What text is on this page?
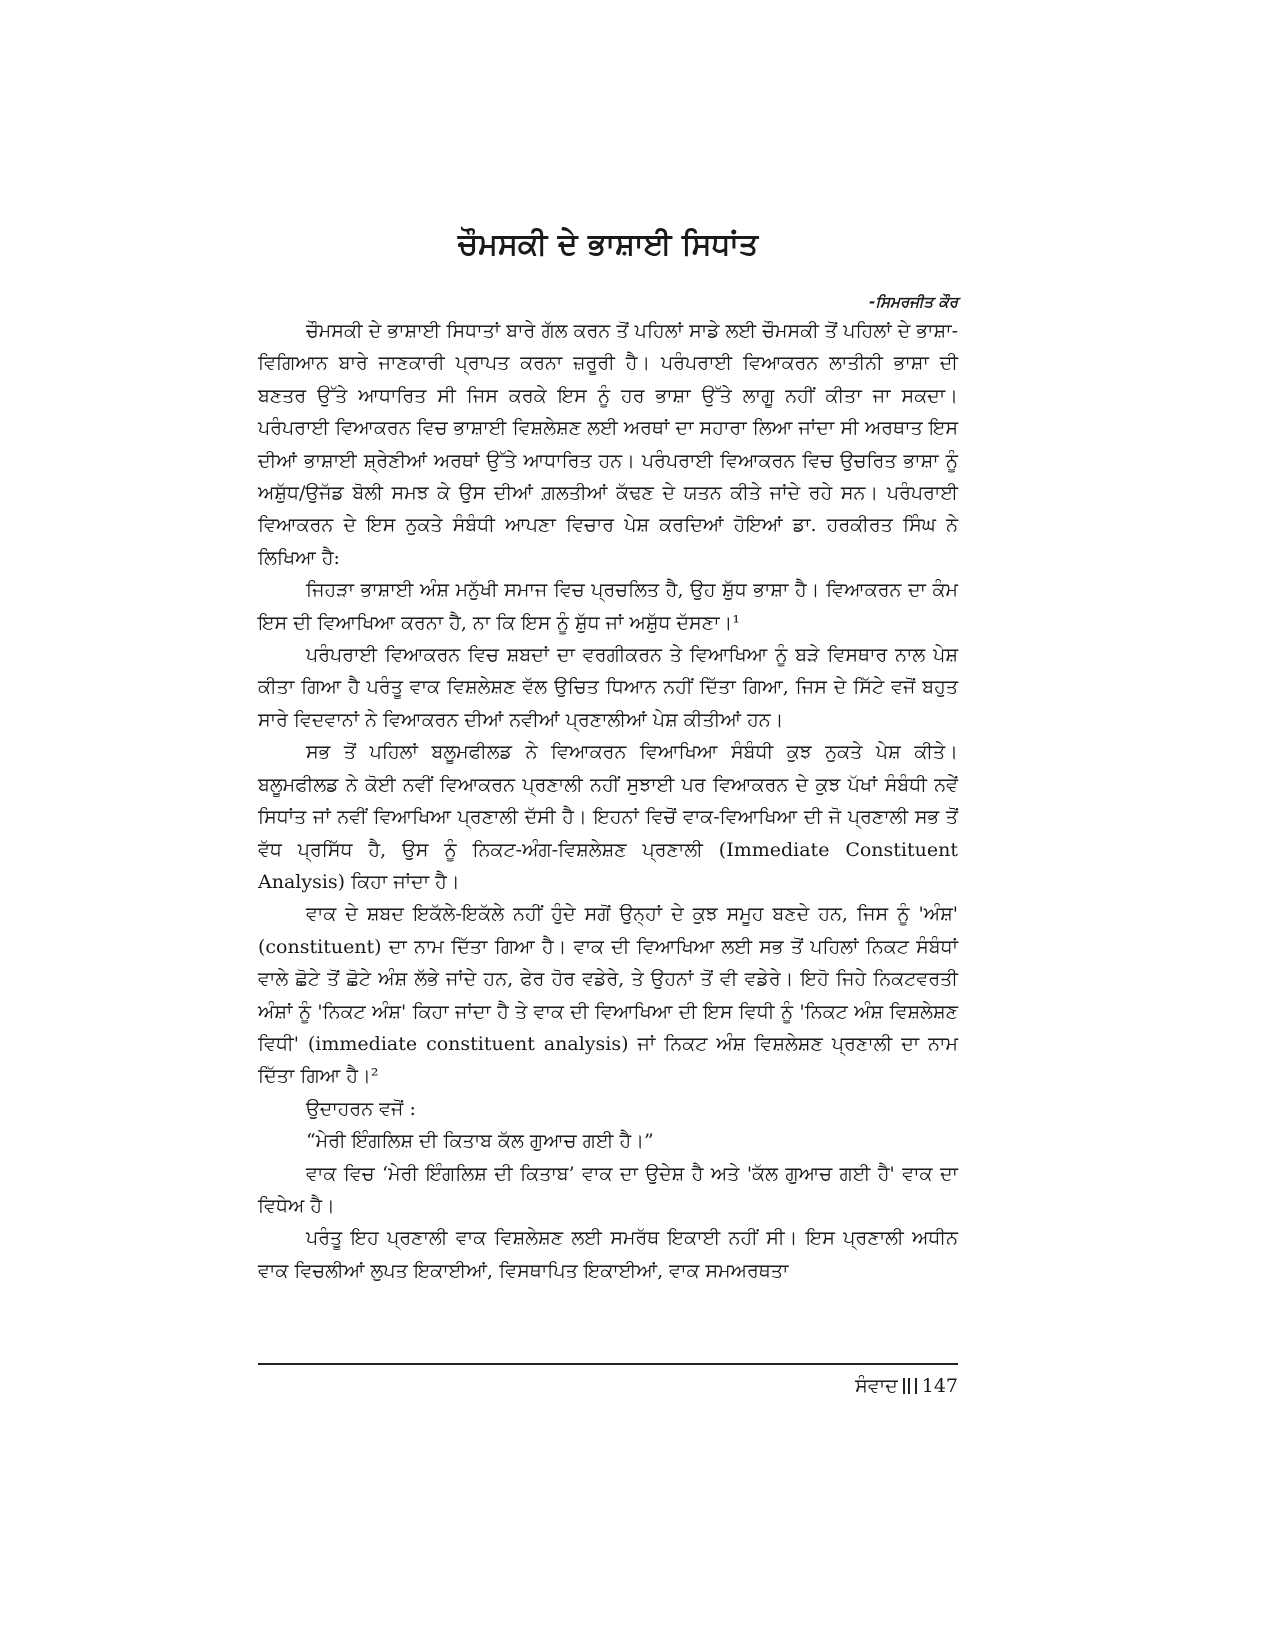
ਚੌਮਸਕੀ ਦੇ ਭਾਸ਼ਾਈ ਸਿਧਾਂਤ
-ਸਿਮਰਜੀਤ ਕੌਰ

ਚੌਮਸਕੀ ਦੇ ਭਾਸ਼ਾਈ ਸਿਧਾਤਾਂ ਬਾਰੇ ਗੱਲ ਕਰਨ ਤੋਂ ਪਹਿਲਾਂ ਸਾਡੇ ਲਈ ਚੌਮਸਕੀ ਤੋਂ ਪਹਿਲਾਂ ਦੇ ਭਾਸ਼ਾ-ਵਿਗਿਆਨ ਬਾਰੇ ਜਾਣਕਾਰੀ ਪ੍ਰਾਪਤ ਕਰਨਾ ਜ਼ਰੂਰੀ ਹੈ। ਪਰੰਪਰਾਈ ਵਿਆਕਰਨ ਲਾਤੀਨੀ ਭਾਸ਼ਾ ਦੀ ਬਣਤਰ ਉੱਤੇ ਆਧਾਰਿਤ ਸੀ ਜਿਸ ਕਰਕੇ ਇਸ ਨੂੰ ਹਰ ਭਾਸ਼ਾ ਉੱਤੇ ਲਾਗੂ ਨਹੀਂ ਕੀਤਾ ਜਾ ਸਕਦਾ। ਪਰੰਪਰਾਈ ਵਿਆਕਰਨ ਵਿਚ ਭਾਸ਼ਾਈ ਵਿਸ਼ਲੇਸ਼ਣ ਲਈ ਅਰਥਾਂ ਦਾ ਸਹਾਰਾ ਲਿਆ ਜਾਂਦਾ ਸੀ ਅਰਥਾਤ ਇਸ ਦੀਆਂ ਭਾਸ਼ਾਈ ਸ਼੍ਰੇਣੀਆਂ ਅਰਥਾਂ ਉੱਤੇ ਆਧਾਰਿਤ ਹਨ। ਪਰੰਪਰਾਈ ਵਿਆਕਰਨ ਵਿਚ ਉਚਰਿਤ ਭਾਸ਼ਾ ਨੂੰ ਅਸ਼ੁੱਧ/ਉਜੱਡ ਬੋਲੀ ਸਮਝ ਕੇ ਉਸ ਦੀਆਂ ਗ਼ਲਤੀਆਂ ਕੱਢਣ ਦੇ ਯਤਨ ਕੀਤੇ ਜਾਂਦੇ ਰਹੇ ਸਨ। ਪਰੰਪਰਾਈ ਵਿਆਕਰਨ ਦੇ ਇਸ ਨੁਕਤੇ ਸੰਬੰਧੀ ਆਪਣਾ ਵਿਚਾਰ ਪੇਸ਼ ਕਰਦਿਆਂ ਹੋਇਆਂ ਡਾ. ਹਰਕੀਰਤ ਸਿੰਘ ਨੇ ਲਿਖਿਆ ਹੈ:

ਜਿਹੜਾ ਭਾਸ਼ਾਈ ਅੰਸ਼ ਮਨੁੱਖੀ ਸਮਾਜ ਵਿਚ ਪ੍ਰਚਲਿਤ ਹੈ, ਉਹ ਸ਼ੁੱਧ ਭਾਸ਼ਾ ਹੈ। ਵਿਆਕਰਨ ਦਾ ਕੰਮ ਇਸ ਦੀ ਵਿਆਖਿਆ ਕਰਨਾ ਹੈ, ਨਾ ਕਿ ਇਸ ਨੂੰ ਸ਼ੁੱਧ ਜਾਂ ਅਸ਼ੁੱਧ ਦੱਸਣਾ।¹

ਪਰੰਪਰਾਈ ਵਿਆਕਰਨ ਵਿਚ ਸ਼ਬਦਾਂ ਦਾ ਵਰਗੀਕਰਨ ਤੇ ਵਿਆਖਿਆ ਨੂੰ ਬੜੇ ਵਿਸਥਾਰ ਨਾਲ ਪੇਸ਼ ਕੀਤਾ ਗਿਆ ਹੈ ਪਰੰਤੂ ਵਾਕ ਵਿਸ਼ਲੇਸ਼ਣ ਵੱਲ ਉਚਿਤ ਧਿਆਨ ਨਹੀਂ ਦਿੱਤਾ ਗਿਆ, ਜਿਸ ਦੇ ਸਿੱਟੇ ਵਜੋਂ ਬਹੁਤ ਸਾਰੇ ਵਿਦਵਾਨਾਂ ਨੇ ਵਿਆਕਰਨ ਦੀਆਂ ਨਵੀਆਂ ਪ੍ਰਣਾਲੀਆਂ ਪੇਸ਼ ਕੀਤੀਆਂ ਹਨ।

ਸਭ ਤੋਂ ਪਹਿਲਾਂ ਬਲੂਮਫੀਲਡ ਨੇ ਵਿਆਕਰਨ ਵਿਆਖਿਆ ਸੰਬੰਧੀ ਕੁਝ ਨੁਕਤੇ ਪੇਸ਼ ਕੀਤੇ। ਬਲੂਮਫੀਲਡ ਨੇ ਕੋਈ ਨਵੀਂ ਵਿਆਕਰਨ ਪ੍ਰਣਾਲੀ ਨਹੀਂ ਸੁਝਾਈ ਪਰ ਵਿਆਕਰਨ ਦੇ ਕੁਝ ਪੱਖਾਂ ਸੰਬੰਧੀ ਨਵੇਂ ਸਿਧਾਂਤ ਜਾਂ ਨਵੀਂ ਵਿਆਖਿਆ ਪ੍ਰਣਾਲੀ ਦੱਸੀ ਹੈ। ਇਹਨਾਂ ਵਿਚੋਂ ਵਾਕ-ਵਿਆਖਿਆ ਦੀ ਜੋ ਪ੍ਰਣਾਲੀ ਸਭ ਤੋਂ ਵੱਧ ਪ੍ਰਸਿੱਧ ਹੈ, ਉਸ ਨੂੰ ਨਿਕਟ-ਅੰਗ-ਵਿਸ਼ਲੇਸ਼ਣ ਪ੍ਰਣਾਲੀ (Immediate Constituent Analysis) ਕਿਹਾ ਜਾਂਦਾ ਹੈ।

ਵਾਕ ਦੇ ਸ਼ਬਦ ਇਕੱਲੇ-ਇਕੱਲੇ ਨਹੀਂ ਹੁੰਦੇ ਸਗੋਂ ਉਨ੍ਹਾਂ ਦੇ ਕੁਝ ਸਮੂਹ ਬਣਦੇ ਹਨ, ਜਿਸ ਨੂੰ 'ਅੰਸ਼' (constituent) ਦਾ ਨਾਮ ਦਿੱਤਾ ਗਿਆ ਹੈ। ਵਾਕ ਦੀ ਵਿਆਖਿਆ ਲਈ ਸਭ ਤੋਂ ਪਹਿਲਾਂ ਨਿਕਟ ਸੰਬੰਧਾਂ ਵਾਲੇ ਛੋਟੇ ਤੋਂ ਛੋਟੇ ਅੰਸ਼ ਲੱਭੇ ਜਾਂਦੇ ਹਨ, ਫੇਰ ਹੋਰ ਵਡੇਰੇ, ਤੇ ਉਹਨਾਂ ਤੋਂ ਵੀ ਵਡੇਰੇ। ਇਹੋ ਜਿਹੇ ਨਿਕਟਵਰਤੀ ਅੰਸ਼ਾਂ ਨੂੰ 'ਨਿਕਟ ਅੰਸ਼' ਕਿਹਾ ਜਾਂਦਾ ਹੈ ਤੇ ਵਾਕ ਦੀ ਵਿਆਖਿਆ ਦੀ ਇਸ ਵਿਧੀ ਨੂੰ 'ਨਿਕਟ ਅੰਸ਼ ਵਿਸ਼ਲੇਸ਼ਣ ਵਿਧੀ' (immediate constituent analysis) ਜਾਂ ਨਿਕਟ ਅੰਸ਼ ਵਿਸ਼ਲੇਸ਼ਣ ਪ੍ਰਣਾਲੀ ਦਾ ਨਾਮ ਦਿੱਤਾ ਗਿਆ ਹੈ।²

ਉਦਾਹਰਨ ਵਜੋਂ :

“ਮੇਰੀ ਇੰਗਲਿਸ਼ ਦੀ ਕਿਤਾਬ ਕੱਲ ਗੁਆਚ ਗਈ ਹੈ।”

ਵਾਕ ਵਿਚ ‘ਮੇਰੀ ਇੰਗਲਿਸ਼ ਦੀ ਕਿਤਾਬ’ ਵਾਕ ਦਾ ਉਦੇਸ਼ ਹੈ ਅਤੇ 'ਕੱਲ ਗੁਆਚ ਗਈ ਹੈ' ਵਾਕ ਦਾ ਵਿਧੇਅ ਹੈ।

ਪਰੰਤੂ ਇਹ ਪ੍ਰਣਾਲੀ ਵਾਕ ਵਿਸ਼ਲੇਸ਼ਣ ਲਈ ਸਮਰੱਥ ਇਕਾਈ ਨਹੀਂ ਸੀ। ਇਸ ਪ੍ਰਣਾਲੀ ਅਧੀਨ ਵਾਕ ਵਿਚਲੀਆਂ ਲੁਪਤ ਇਕਾਈਆਂ, ਵਿਸਥਾਪਿਤ ਇਕਾਈਆਂ, ਵਾਕ ਸਮਅਰਥਤਾ

ਸੰਵਾਦ 147
